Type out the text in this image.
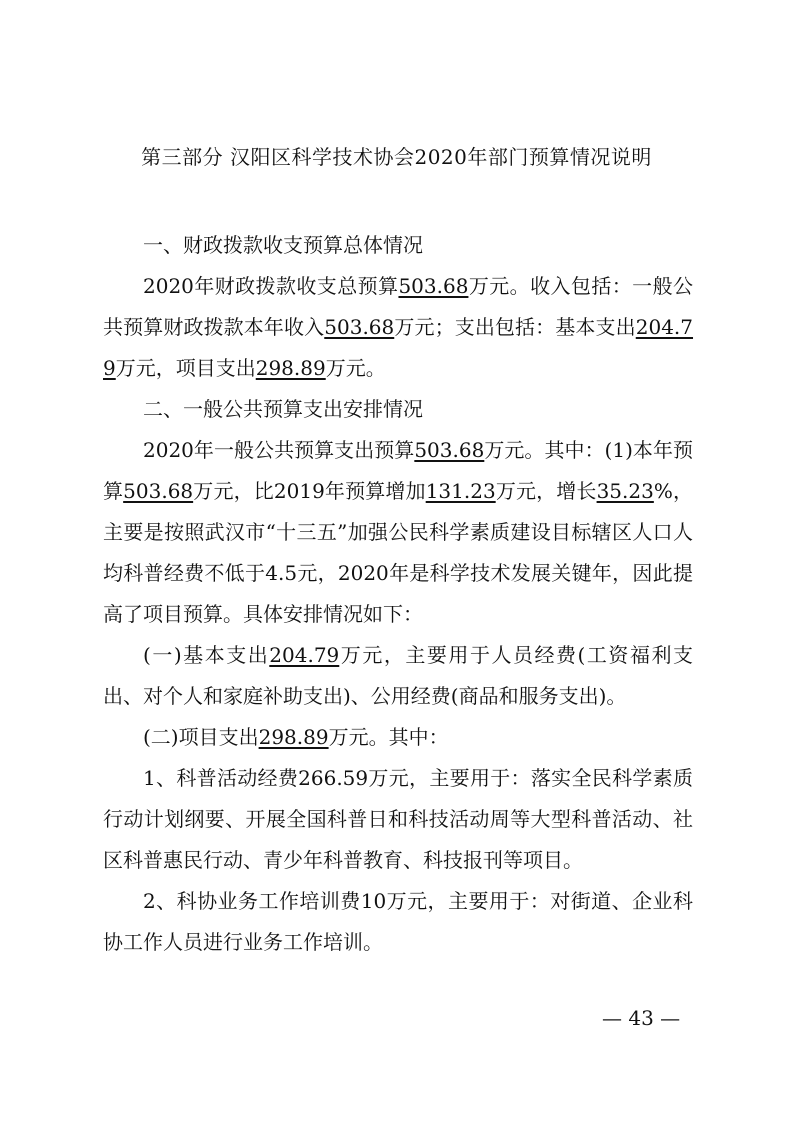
第三部分 汉阳区科学技术协会2020年部门预算情况说明

一、财政拨款收支预算总体情况

2020年财政拨款收支总预算503.68万元。收入包括：一般公共预算财政拨款本年收入503.68万元；支出包括：基本支出204.79万元，项目支出298.89万元。

二、一般公共预算支出安排情况

2020年一般公共预算支出预算503.68万元。其中：(1)本年预算503.68万元，比2019年预算增加131.23万元，增长35.23%，主要是按照武汉市“十三五”加强公民科学素质建设目标辖区人口人均科普经费不低于4.5元，2020年是科学技术发展关键年，因此提高了项目预算。具体安排情况如下：

(一)基本支出204.79万元，主要用于人员经费(工资福利支出、对个人和家庭补助支出)、公用经费(商品和服务支出)。

(二)项目支出298.89万元。其中：

1、科普活动经费266.59万元，主要用于：落实全民科学素质行动计划纲要、开展全国科普日和科技活动周等大型科普活动、社区科普惠民行动、青少年科普教育、科技报刊等项目。

2、科协业务工作培训费10万元，主要用于：对街道、企业科协工作人员进行业务工作培训。

— 43 —
